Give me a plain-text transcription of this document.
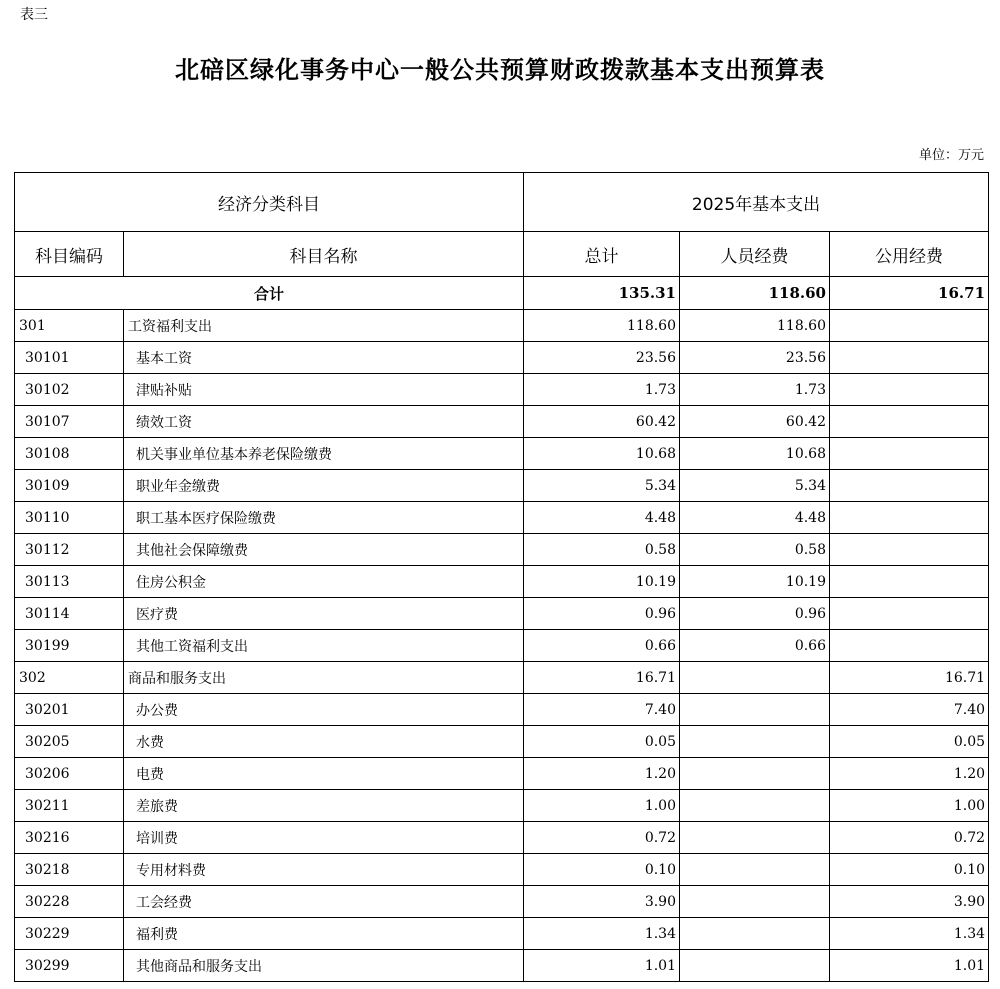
表三
北碚区绿化事务中心一般公共预算财政拨款基本支出预算表
单位：万元
经济分类科目		2025年基本支出		
科目编码	科目名称	总计	人员经费	公用经费
合计		135.31	118.60	16.71
301	工资福利支出	118.60	118.60	
30101	基本工资	23.56	23.56	
30102	津贴补贴	1.73	1.73	
30107	绩效工资	60.42	60.42	
30108	机关事业单位基本养老保险缴费	10.68	10.68	
30109	职业年金缴费	5.34	5.34	
30110	职工基本医疗保险缴费	4.48	4.48	
30112	其他社会保障缴费	0.58	0.58	
30113	住房公积金	10.19	10.19	
30114	医疗费	0.96	0.96	
30199	其他工资福利支出	0.66	0.66	
302	商品和服务支出	16.71		16.71
30201	办公费	7.40		7.40
30205	水费	0.05		0.05
30206	电费	1.20		1.20
30211	差旅费	1.00		1.00
30216	培训费	0.72		0.72
30218	专用材料费	0.10		0.10
30228	工会经费	3.90		3.90
30229	福利费	1.34		1.34
30299	其他商品和服务支出	1.01		1.01
